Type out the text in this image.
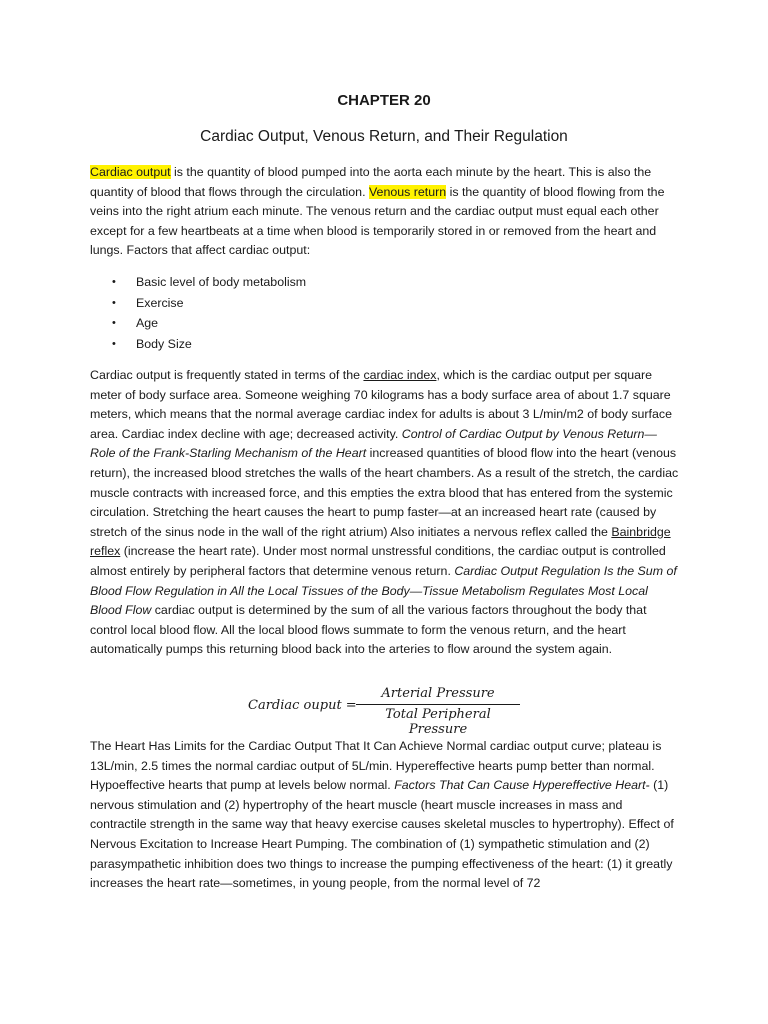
CHAPTER 20
Cardiac Output, Venous Return, and Their Regulation

Cardiac output is the quantity of blood pumped into the aorta each minute by the heart. This is also the quantity of blood that flows through the circulation. Venous return is the quantity of blood flowing from the veins into the right atrium each minute. The venous return and the cardiac output must equal each other except for a few heartbeats at a time when blood is temporarily stored in or removed from the heart and lungs. Factors that affect cardiac output:

• Basic level of body metabolism
• Exercise
• Age
• Body Size

Cardiac output is frequently stated in terms of the cardiac index, which is the cardiac output per square meter of body surface area. Someone weighing 70 kilograms has a body surface area of about 1.7 square meters, which means that the normal average cardiac index for adults is about 3 L/min/m2 of body surface area. Cardiac index decline with age; decreased activity. Control of Cardiac Output by Venous Return—Role of the Frank-Starling Mechanism of the Heart increased quantities of blood flow into the heart (venous return), the increased blood stretches the walls of the heart chambers. As a result of the stretch, the cardiac muscle contracts with increased force, and this empties the extra blood that has entered from the systemic circulation. Stretching the heart causes the heart to pump faster—at an increased heart rate (caused by stretch of the sinus node in the wall of the right atrium) Also initiates a nervous reflex called the Bainbridge reflex (increase the heart rate). Under most normal unstressful conditions, the cardiac output is controlled almost entirely by peripheral factors that determine venous return. Cardiac Output Regulation Is the Sum of Blood Flow Regulation in All the Local Tissues of the Body—Tissue Metabolism Regulates Most Local Blood Flow cardiac output is determined by the sum of all the various factors throughout the body that control local blood flow. All the local blood flows summate to form the venous return, and the heart automatically pumps this returning blood back into the arteries to flow around the system again.

Cardiac ouput =
Arterial Pressure
Total Peripheral Pressure

The Heart Has Limits for the Cardiac Output That It Can Achieve Normal cardiac output curve; plateau is 13L/min, 2.5 times the normal cardiac output of 5L/min. Hypereffective hearts pump better than normal. Hypoeffective hearts that pump at levels below normal. Factors That Can Cause Hypereffective Heart- (1) nervous stimulation and (2) hypertrophy of the heart muscle (heart muscle increases in mass and contractile strength in the same way that heavy exercise causes skeletal muscles to hypertrophy). Effect of Nervous Excitation to Increase Heart Pumping. The combination of (1) sympathetic stimulation and (2) parasympathetic inhibition does two things to increase the pumping effectiveness of the heart: (1) it greatly increases the heart rate—sometimes, in young people, from the normal level of 72
